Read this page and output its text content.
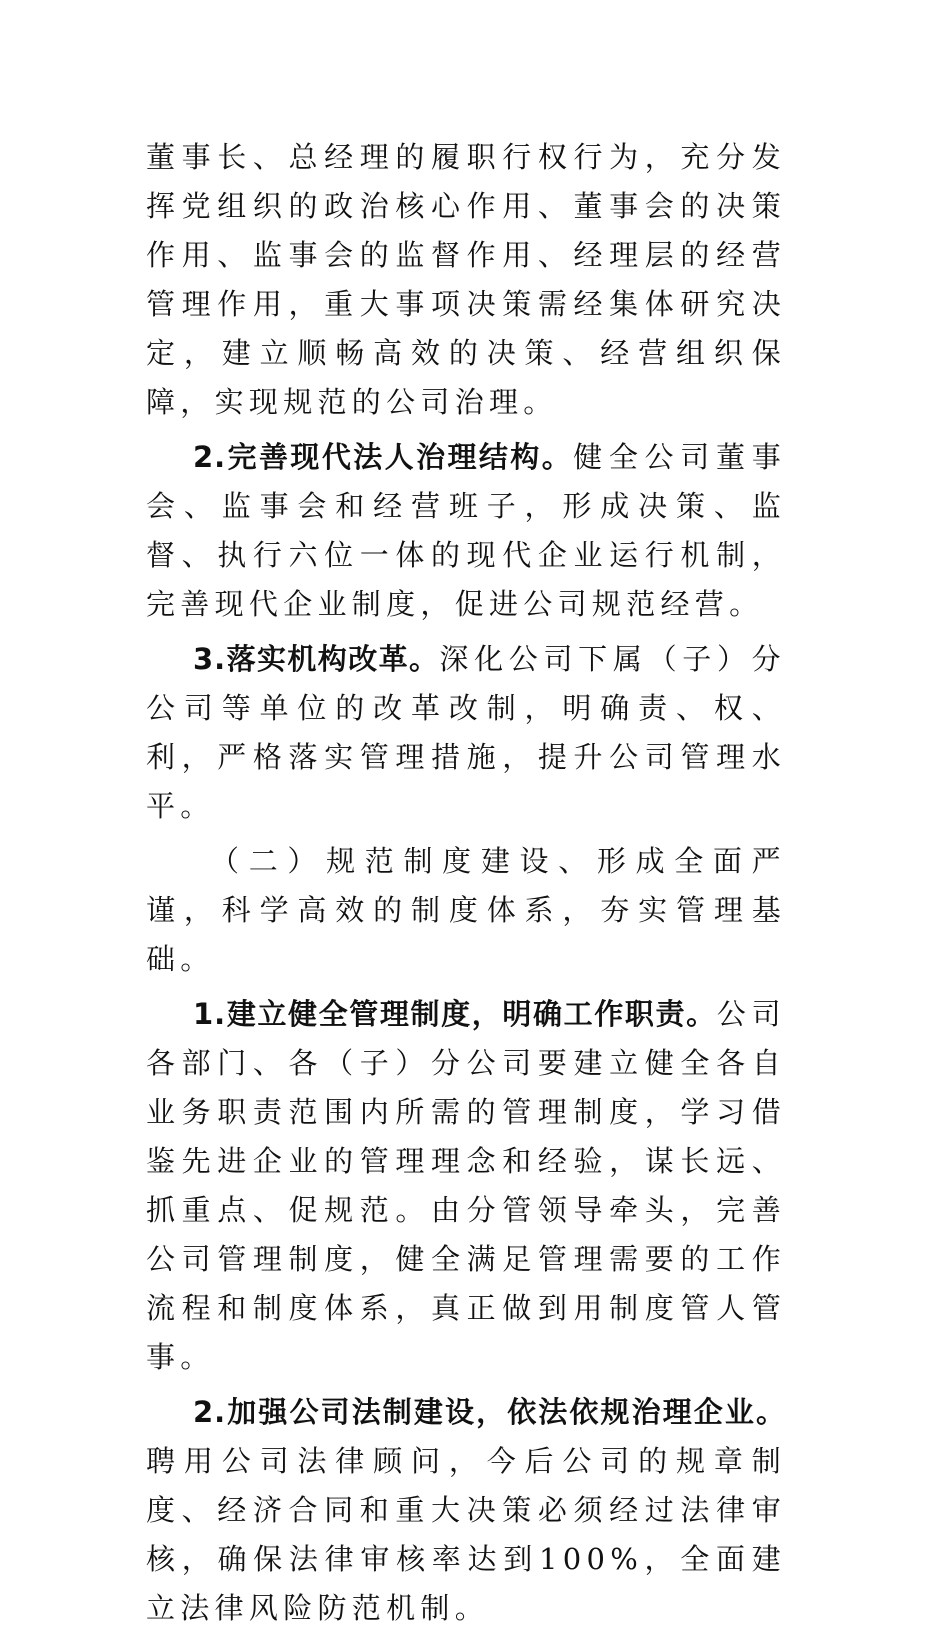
董事长、总经理的履职行权行为，充分发挥党组织的政治核心作用、董事会的决策作用、监事会的监督作用、经理层的经营管理作用，重大事项决策需经集体研究决定，建立顺畅高效的决策、经营组织保障，实现规范的公司治理。

2.完善现代法人治理结构。健全公司董事会、监事会和经营班子，形成决策、监督、执行六位一体的现代企业运行机制，完善现代企业制度，促进公司规范经营。

3.落实机构改革。深化公司下属（子）分公司等单位的改革改制，明确责、权、利，严格落实管理措施，提升公司管理水平。

（二）规范制度建设、形成全面严谨，科学高效的制度体系，夯实管理基础。

1.建立健全管理制度，明确工作职责。公司各部门、各（子）分公司要建立健全各自业务职责范围内所需的管理制度，学习借鉴先进企业的管理理念和经验，谋长远、抓重点、促规范。由分管领导牵头，完善公司管理制度，健全满足管理需要的工作流程和制度体系，真正做到用制度管人管事。

2.加强公司法制建设，依法依规治理企业。聘用公司法律顾问，今后公司的规章制度、经济合同和重大决策必须经过法律审核，确保法律审核率达到100%，全面建立法律风险防范机制。
